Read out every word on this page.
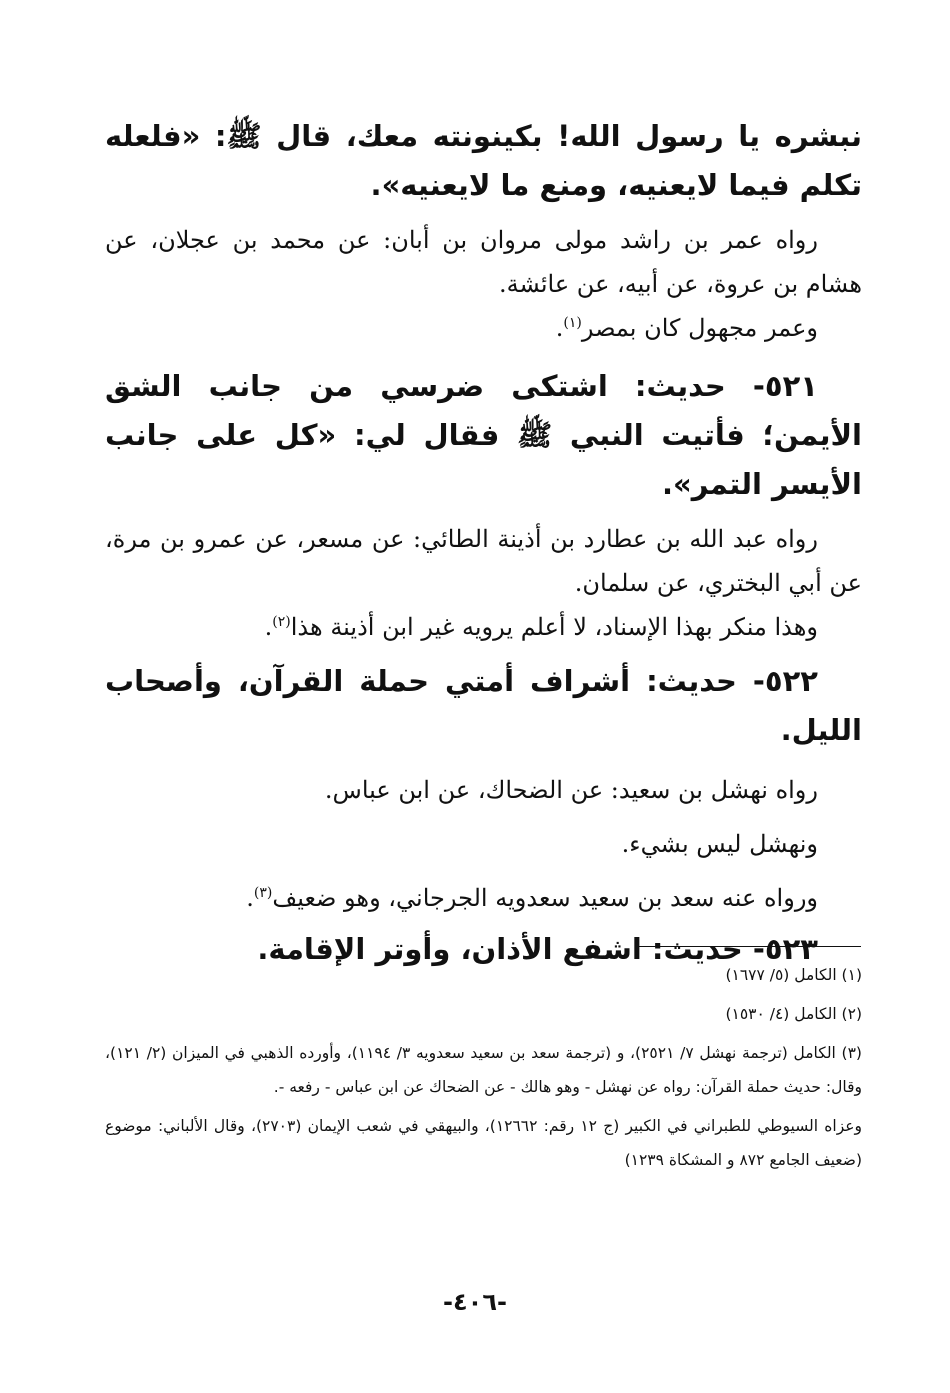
نبشره يا رسول الله! بكينونته معك، قال ﷺ: «فلعله تكلم فيما لايعنيه، ومنع ما لايعنيه».

رواه عمر بن راشد مولى مروان بن أبان: عن محمد بن عجلان، عن هشام بن عروة، عن أبيه، عن عائشة.

وعمر مجهول كان بمصر$^{(١)}$.

٥٢١- حديث: اشتكى ضرسي من جانب الشق الأيمن؛ فأتيت النبي ﷺ فقال لي: «كل على جانب الأيسر التمر».

رواه عبد الله بن عطارد بن أذينة الطائي: عن مسعر، عن عمرو بن مرة، عن أبي البختري، عن سلمان.

وهذا منكر بهذا الإسناد، لا أعلم يرويه غير ابن أذينة هذا$^{(٢)}$.

٥٢٢- حديث: أشراف أمتي حملة القرآن، وأصحاب الليل.

رواه نهشل بن سعيد: عن الضحاك، عن ابن عباس.

ونهشل ليس بشيء.

ورواه عنه سعد بن سعيد سعدويه الجرجاني، وهو ضعيف$^{(٣)}$.

٥٢٣- حديث: اشفع الأذان، وأوتر الإقامة.

(١) الكامل (٥/ ١٦٧٧)

(٢) الكامل (٤/ ١٥٣٠)

(٣) الكامل (ترجمة نهشل ٧/ ٢٥٢١)، و (ترجمة سعد بن سعيد سعدويه ٣/ ١١٩٤)، وأورده الذهبي في الميزان (٢/ ١٢١)، وقال: حديث حملة القرآن: رواه عن نهشل - وهو هالك - عن الضحاك عن ابن عباس - رفعه -.

وعزاه السيوطي للطبراني في الكبير (ج ١٢ رقم: ١٢٦٦٢)، والبيهقي في شعب الإيمان (٢٧٠٣)، وقال الألباني: موضوع (ضعيف الجامع ٨٧٢ و المشكاة ١٢٣٩)

-٤٠٦-
